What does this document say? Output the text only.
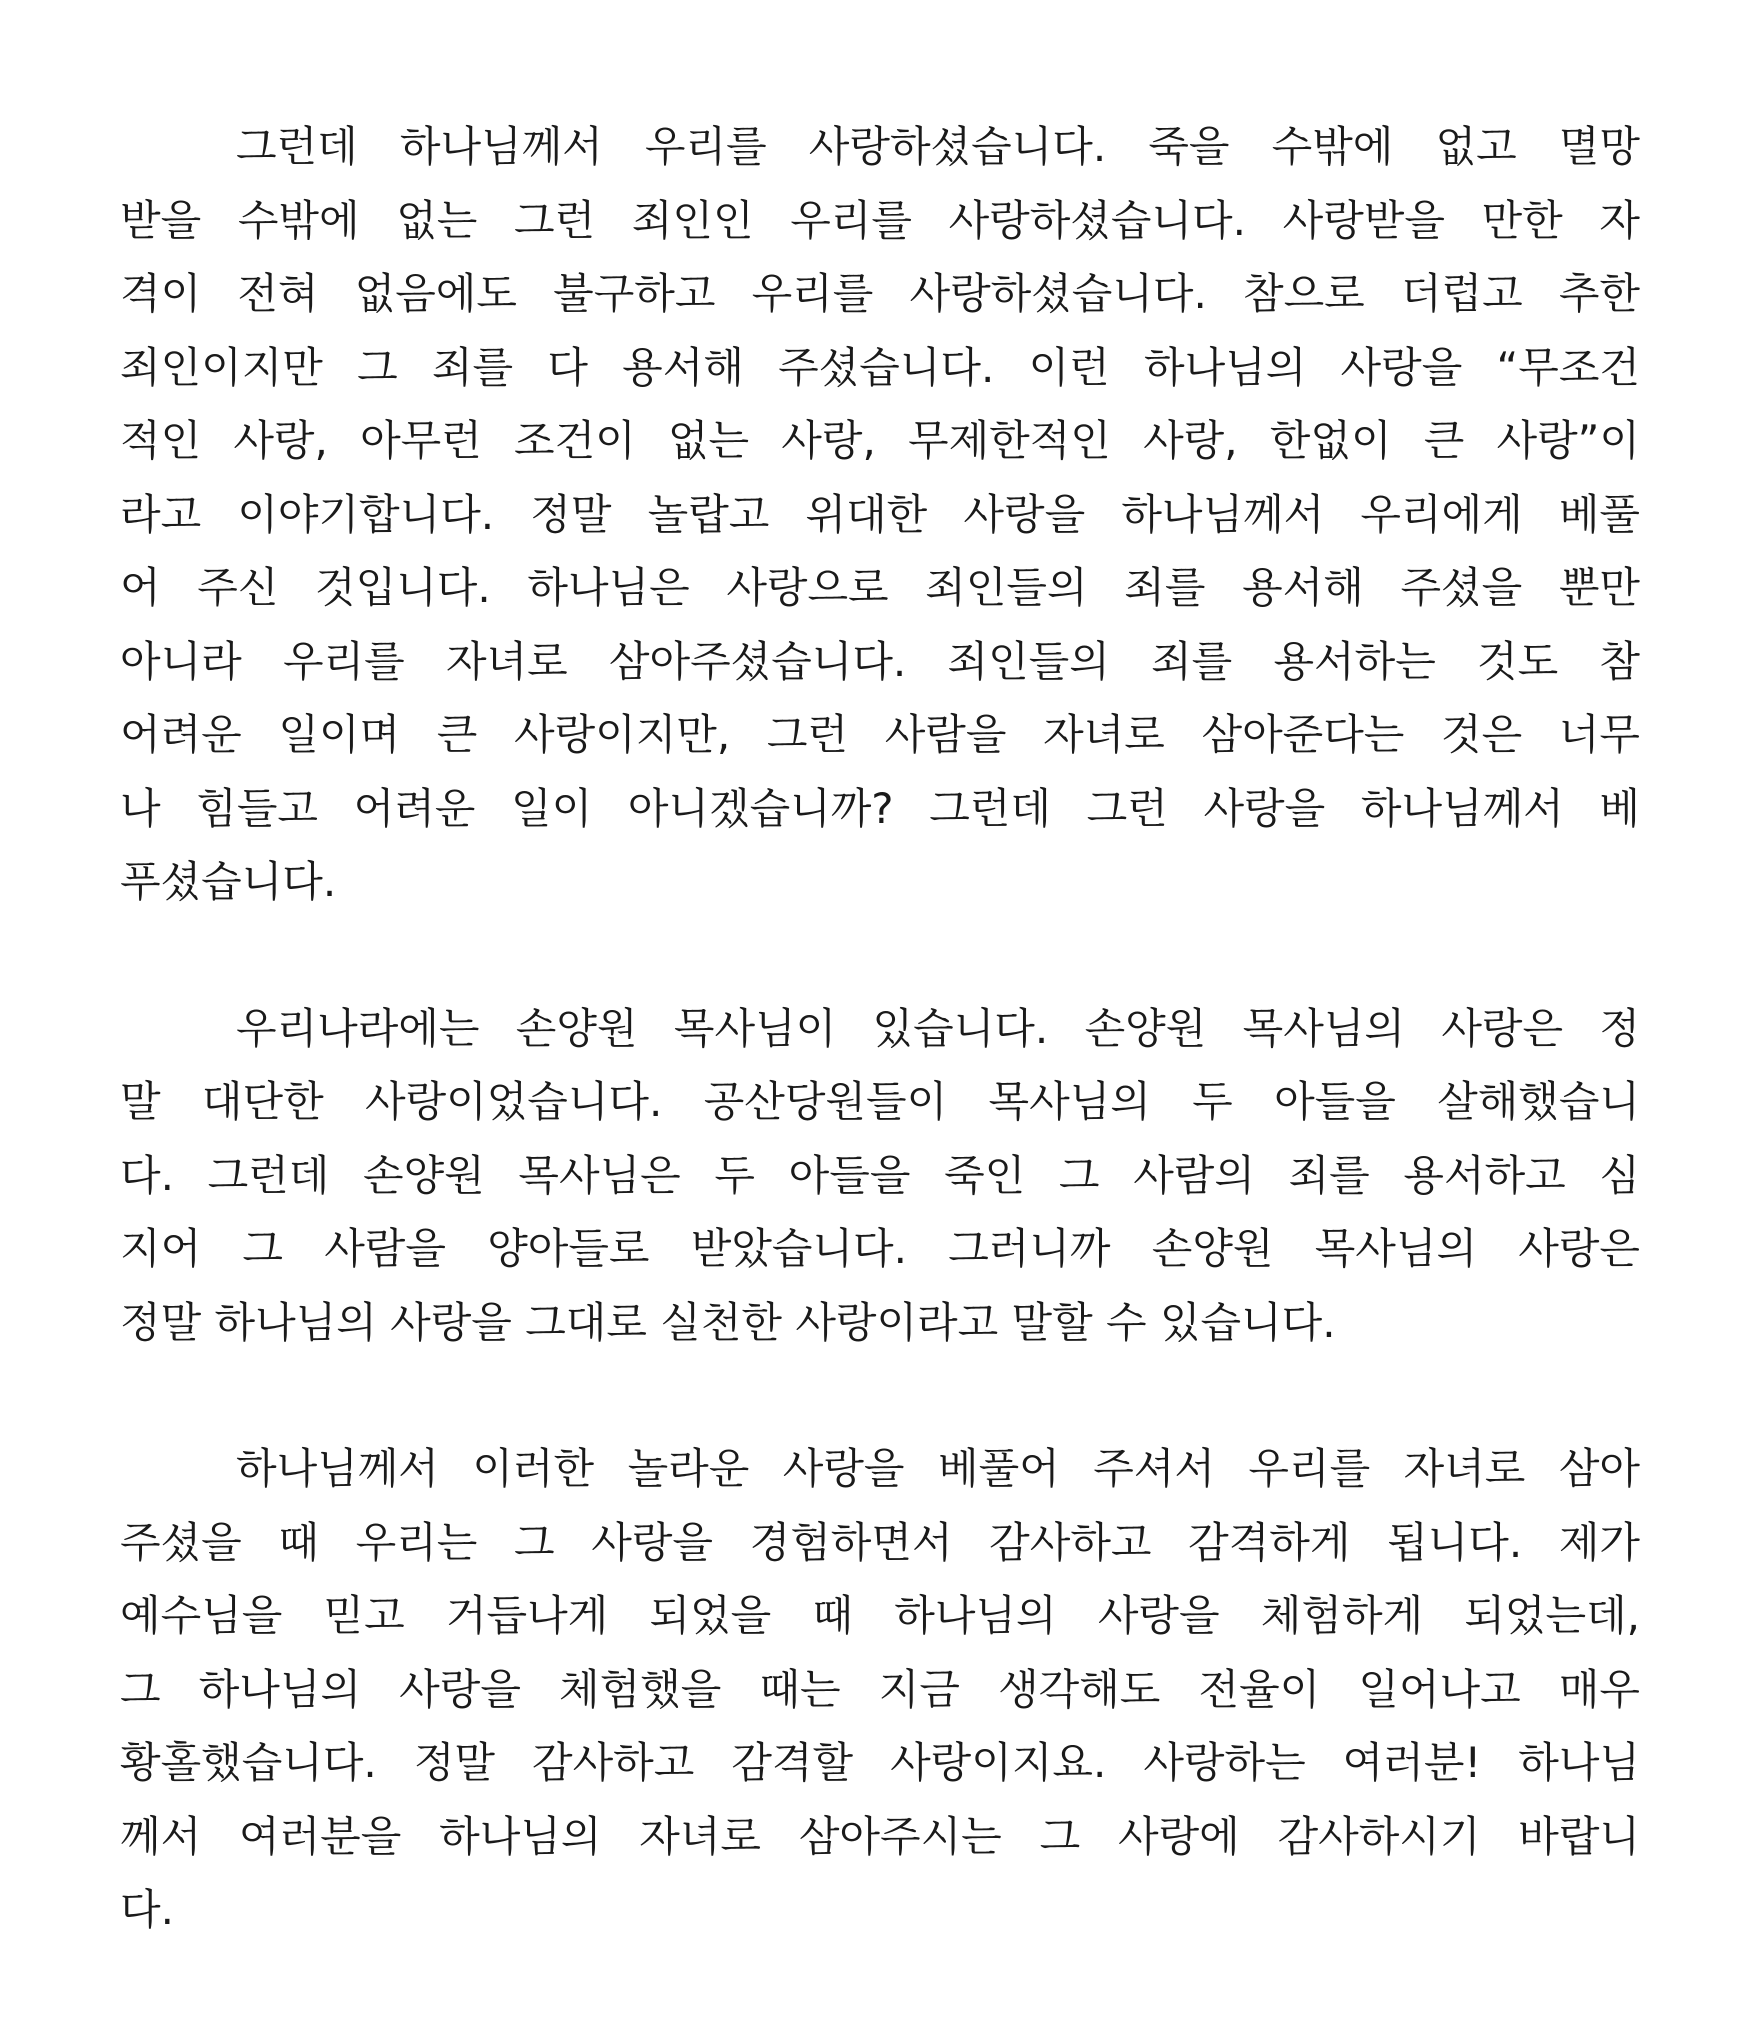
그런데 하나님께서 우리를 사랑하셨습니다. 죽을 수밖에 없고 멸망
받을 수밖에 없는 그런 죄인인 우리를 사랑하셨습니다. 사랑받을 만한 자
격이 전혀 없음에도 불구하고 우리를 사랑하셨습니다. 참으로 더럽고 추한
죄인이지만 그 죄를 다 용서해 주셨습니다. 이런 하나님의 사랑을 “무조건
적인 사랑, 아무런 조건이 없는 사랑, 무제한적인 사랑, 한없이 큰 사랑”이
라고 이야기합니다. 정말 놀랍고 위대한 사랑을 하나님께서 우리에게 베풀
어 주신 것입니다. 하나님은 사랑으로 죄인들의 죄를 용서해 주셨을 뿐만
아니라 우리를 자녀로 삼아주셨습니다. 죄인들의 죄를 용서하는 것도 참
어려운 일이며 큰 사랑이지만, 그런 사람을 자녀로 삼아준다는 것은 너무
나 힘들고 어려운 일이 아니겠습니까? 그런데 그런 사랑을 하나님께서 베
푸셨습니다.
우리나라에는 손양원 목사님이 있습니다. 손양원 목사님의 사랑은 정
말 대단한 사랑이었습니다. 공산당원들이 목사님의 두 아들을 살해했습니
다. 그런데 손양원 목사님은 두 아들을 죽인 그 사람의 죄를 용서하고 심
지어 그 사람을 양아들로 받았습니다. 그러니까 손양원 목사님의 사랑은
정말 하나님의 사랑을 그대로 실천한 사랑이라고 말할 수 있습니다.
하나님께서 이러한 놀라운 사랑을 베풀어 주셔서 우리를 자녀로 삼아
주셨을 때 우리는 그 사랑을 경험하면서 감사하고 감격하게 됩니다. 제가
예수님을 믿고 거듭나게 되었을 때 하나님의 사랑을 체험하게 되었는데,
그 하나님의 사랑을 체험했을 때는 지금 생각해도 전율이 일어나고 매우
황홀했습니다. 정말 감사하고 감격할 사랑이지요. 사랑하는 여러분! 하나님
께서 여러분을 하나님의 자녀로 삼아주시는 그 사랑에 감사하시기 바랍니
다.
